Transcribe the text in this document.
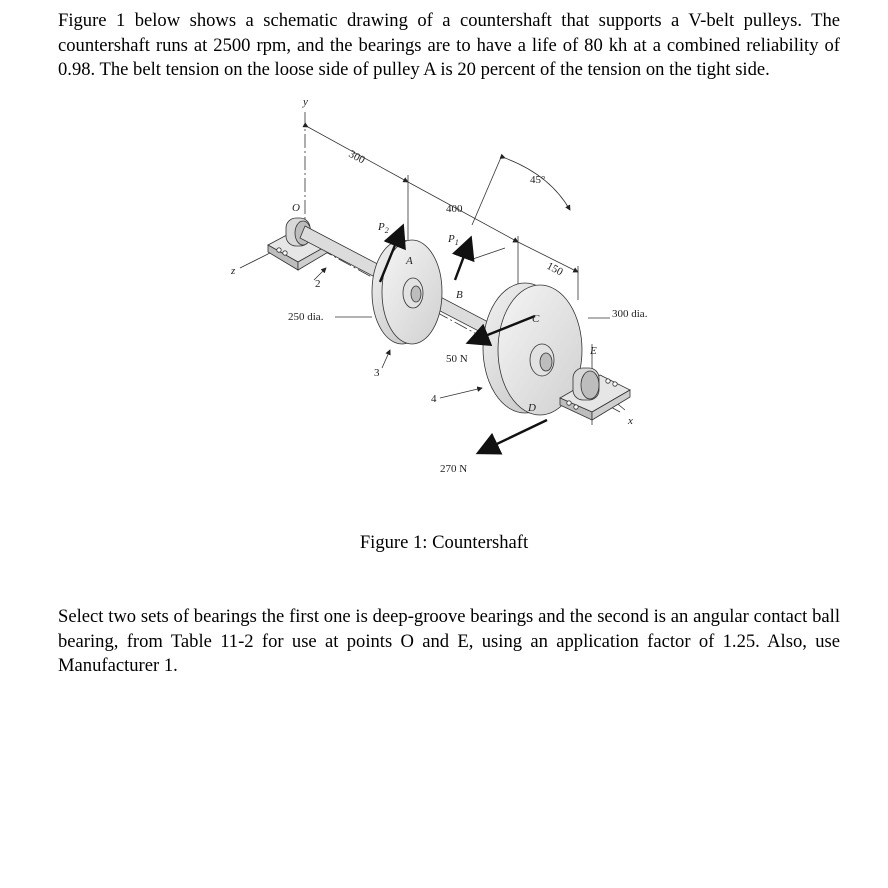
Figure 1 below shows a schematic drawing of a countershaft that supports a V-belt pulleys. The countershaft runs at 2500 rpm, and the bearings are to have a life of 80 kh at a combined reliability of 0.98. The belt tension on the loose side of pulley A is 20 percent of the tension on the tight side.
y
z
x
O
A
B
C
D
E
$P_2$
$P_1$
300
400
150
45°
250 dia.	300 dia.
50 N
270 N
2
3
4
Figure 1: Countershaft
Select two sets of bearings the first one is deep-groove bearings and the second is an angular contact ball bearing, from Table 11-2 for use at points O and E, using an application factor of 1.25. Also, use Manufacturer 1.
